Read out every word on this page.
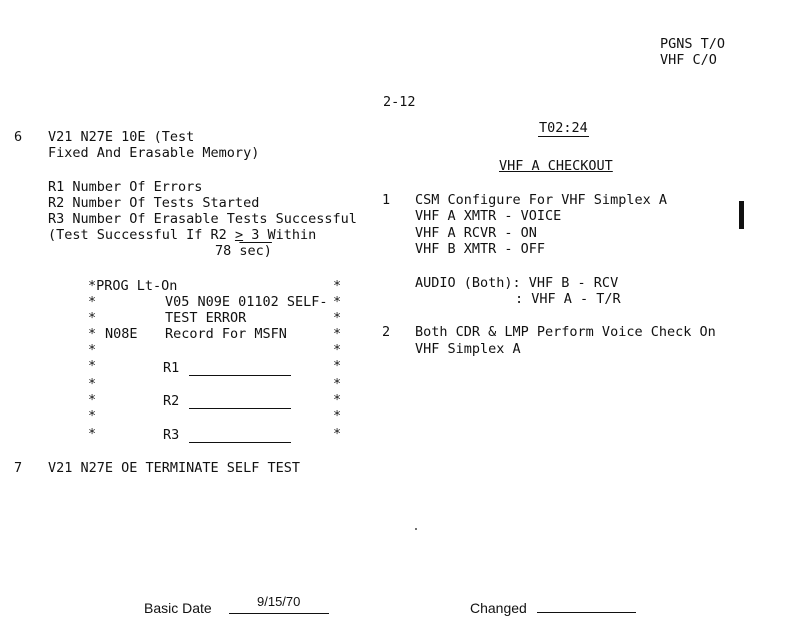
PGNS T/O
VHF C/O
2-12
6 V21 N27E 10E (Test
Fixed And Erasable Memory)
R1 Number Of Errors
R2 Number Of Tests Started
R3 Number Of Erasable Tests Successful
(Test Successful If R2 > 3 Within
78 sec)
*PROG Lt-On
*	V05 N09E 01102 SELF-
TEST ERROR
*
* N08E Record For MSFN
*
*
*
*
*
*
R1
R2
R3
*
*
*
*
*
*
*
*
*
*
7 V21 N27E OE TERMINATE SELF TEST
T02:24
VHF A CHECKOUT
1 CSM Configure For VHF Simplex A
VHF A XMTR - VOICE
VHF A RCVR - ON
VHF B XMTR - OFF
AUDIO (Both): VHF B - RCV
: VHF A - T/R
2 Both CDR & LMP Perform Voice Check On
VHF Simplex A
Basic Date	9/15/70	Changed
